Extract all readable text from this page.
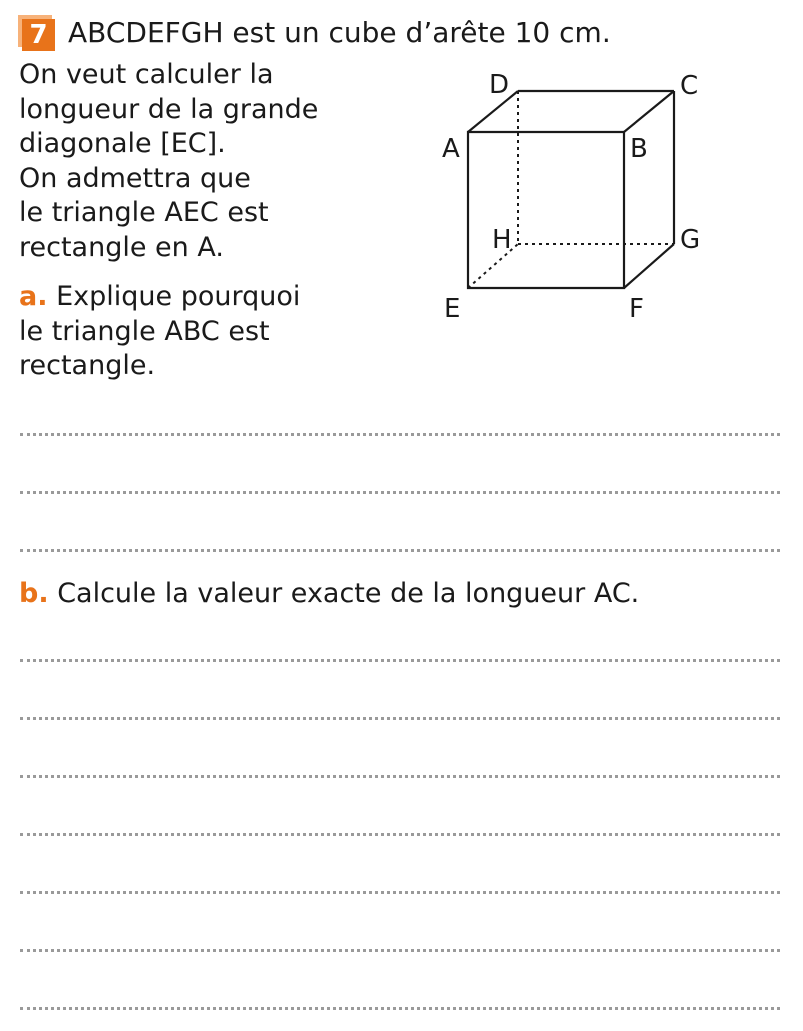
7 ABCDEFGH est un cube d’arête 10 cm.
On veut calculer la
longueur de la grande
diagonale [EC].
On admettra que
le triangle AEC est
rectangle en A.
a. Explique pourquoi
le triangle ABC est
rectangle.
D	C
A	B
H	G
E	F
b. Calcule la valeur exacte de la longueur AC.
